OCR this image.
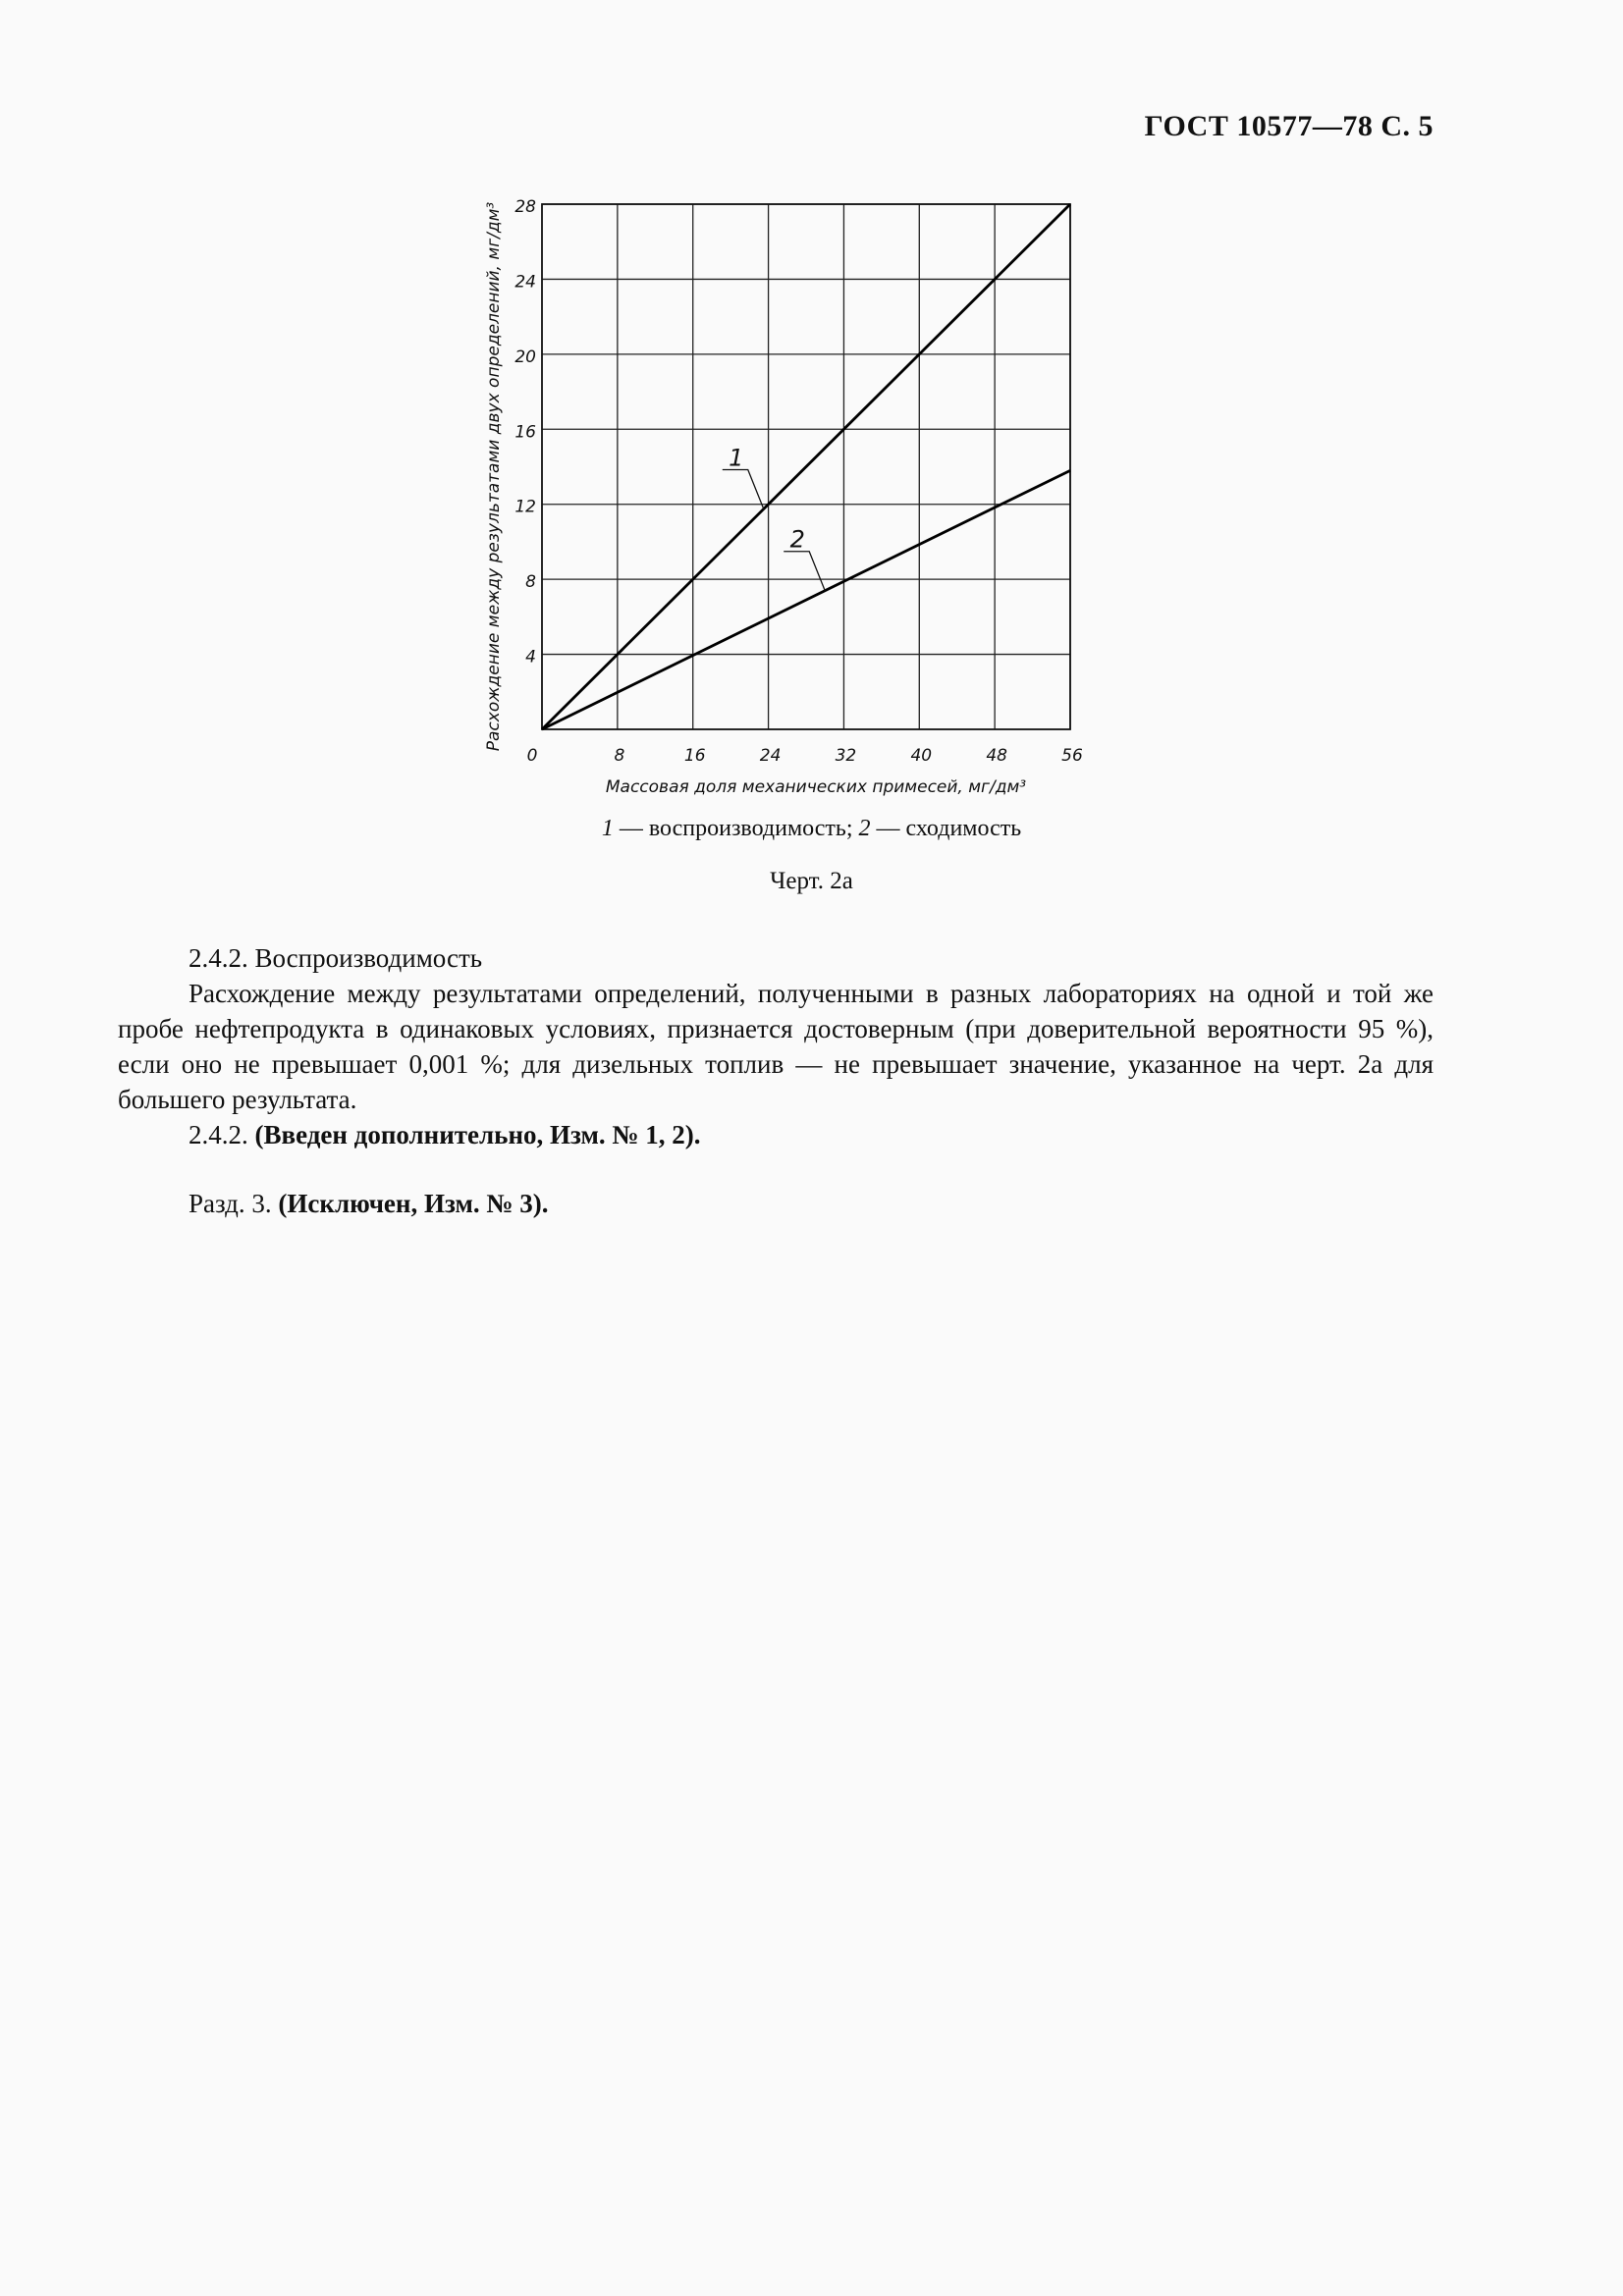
ГОСТ 10577—78 С. 5
0	8	16	24	32	40	48	56
4
8
12
16
20
24
28
Массовая доля механических примесей, мг/дм³
Расхождение между результатами двух определений, мг/дм³	1
2
1 — воспроизводимость; 2 — сходимость
Черт. 2а

2.4.2. Воспроизводимость

Расхождение между результатами определений, полученными в разных лабораториях на одной и той же пробе нефтепродукта в одинаковых условиях, признается достоверным (при доверительной вероятности 95 %), если оно не превышает 0,001 %; для дизельных топлив — не превышает значение, указанное на черт. 2а для большего результата.

2.4.2. (Введен дополнительно, Изм. № 1, 2).

Разд. 3. (Исключен, Изм. № 3).
